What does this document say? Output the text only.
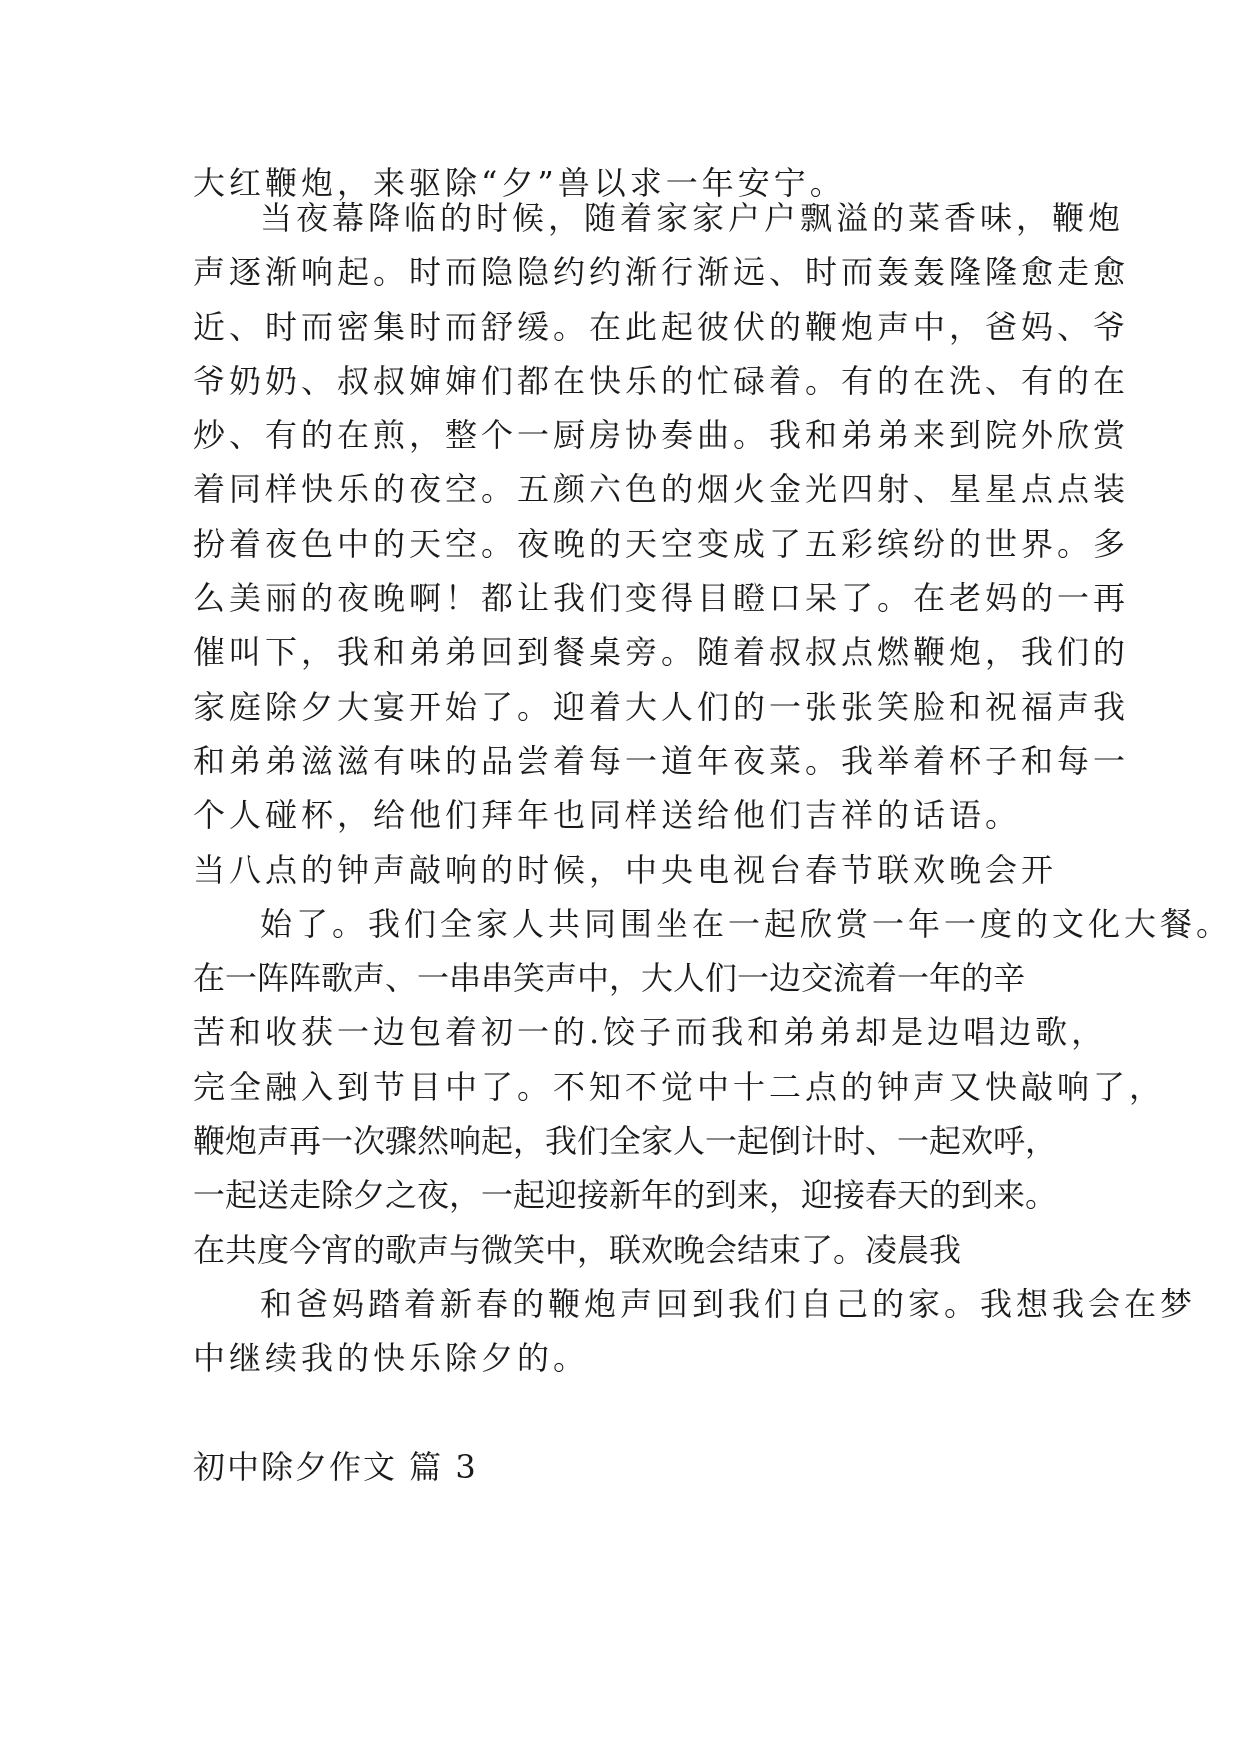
大红鞭炮，来驱除“夕”兽以求一年安宁。
当夜幕降临的时候，随着家家户户飘溢的菜香味，鞭炮
声逐渐响起。时而隐隐约约渐行渐远、时而轰轰隆隆愈走愈
近、时而密集时而舒缓。在此起彼伏的鞭炮声中，爸妈、爷
爷奶奶、叔叔婶婶们都在快乐的忙碌着。有的在洗、有的在
炒、有的在煎，整个一厨房协奏曲。我和弟弟来到院外欣赏
着同样快乐的夜空。五颜六色的烟火金光四射、星星点点装
扮着夜色中的天空。夜晚的天空变成了五彩缤纷的世界。多
么美丽的夜晚啊！都让我们变得目瞪口呆了。在老妈的一再
催叫下，我和弟弟回到餐桌旁。随着叔叔点燃鞭炮，我们的
家庭除夕大宴开始了。迎着大人们的一张张笑脸和祝福声我
和弟弟滋滋有味的品尝着每一道年夜菜。我举着杯子和每一
个人碰杯，给他们拜年也同样送给他们吉祥的话语。
当八点的钟声敲响的时候，中央电视台春节联欢晚会开
始了。我们全家人共同围坐在一起欣赏一年一度的文化大餐。
在一阵阵歌声、一串串笑声中，大人们一边交流着一年的辛
苦和收获一边包着初一的.饺子而我和弟弟却是边唱边歌，
完全融入到节目中了。不知不觉中十二点的钟声又快敲响了，
鞭炮声再一次骤然响起，我们全家人一起倒计时、一起欢呼，
一起送走除夕之夜，一起迎接新年的到来，迎接春天的到来。
在共度今宵的歌声与微笑中，联欢晚会结束了。凌晨我
和爸妈踏着新春的鞭炮声回到我们自己的家。我想我会在梦
中继续我的快乐除夕的。
初中除夕作文 篇 3
